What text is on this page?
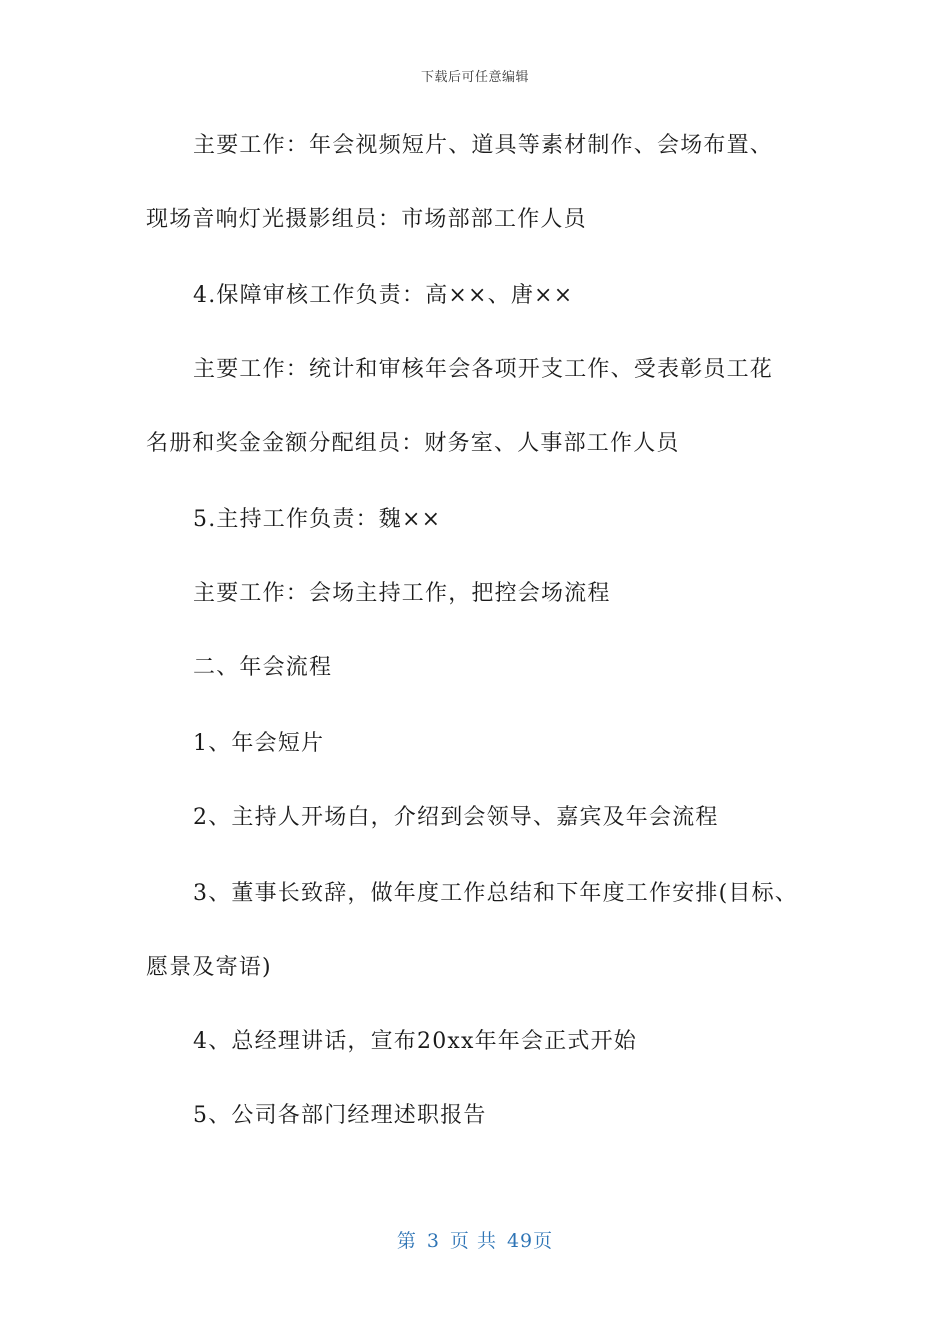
下载后可任意编辑
主要工作：年会视频短片、道具等素材制作、会场布置、
现场音响灯光摄影组员：市场部部工作人员
4.保障审核工作负责：高××、唐××
主要工作：统计和审核年会各项开支工作、受表彰员工花
名册和奖金金额分配组员：财务室、人事部工作人员
5.主持工作负责：魏××
主要工作：会场主持工作，把控会场流程
二、年会流程
1、年会短片
2、主持人开场白，介绍到会领导、嘉宾及年会流程
3、董事长致辞，做年度工作总结和下年度工作安排(目标、
愿景及寄语)
4、总经理讲话，宣布20xx年年会正式开始
5、公司各部门经理述职报告
第 3 页 共 49页
